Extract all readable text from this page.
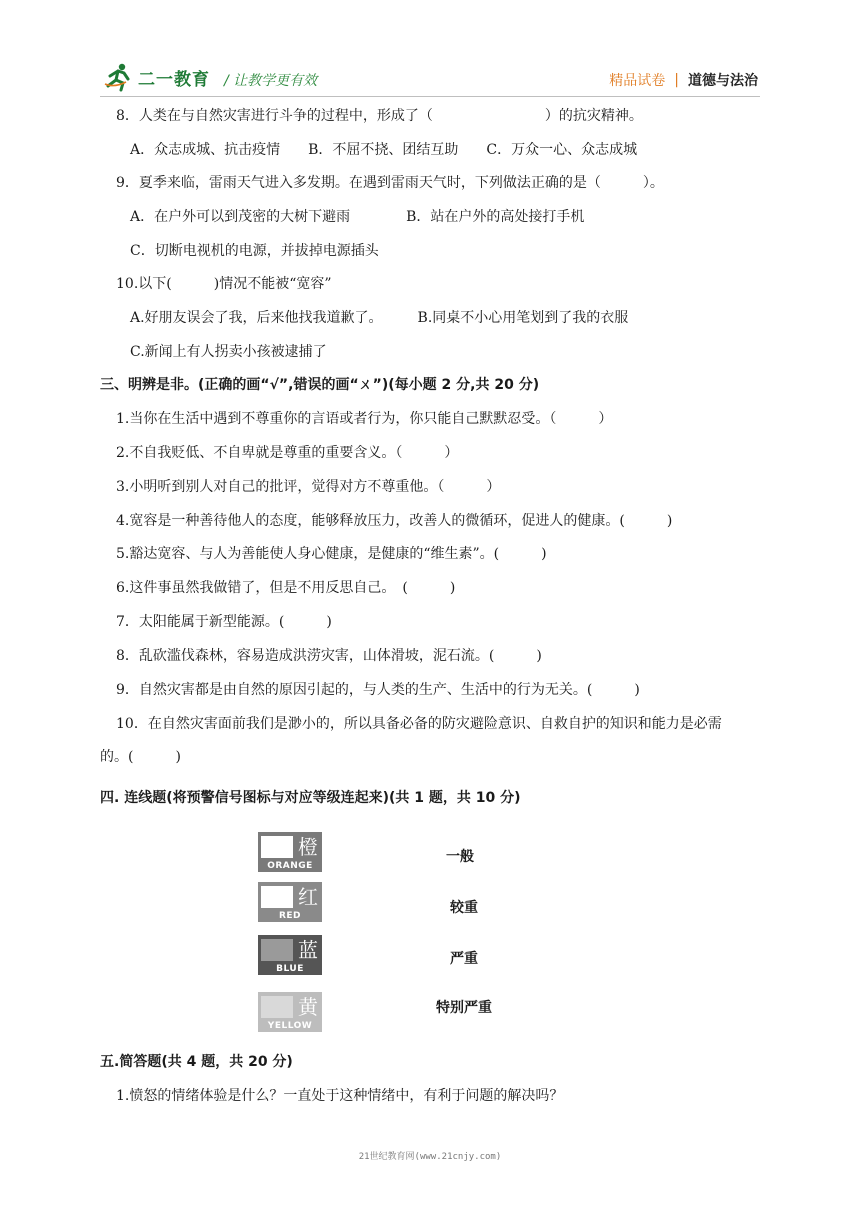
二一教育 / 让教学更有效	精品试卷 | 道德与法治
8．人类在与自然灾害进行斗争的过程中，形成了（　　　　　　　　）的抗灾精神。
A．众志成城、抗击疫情　　B．不屈不挠、团结互助　　C．万众一心、众志成城
9．夏季来临，雷雨天气进入多发期。在遇到雷雨天气时，下列做法正确的是（　　　）。
A．在户外可以到茂密的大树下避雨　　　　B．站在户外的高处接打手机
C．切断电视机的电源，并拔掉电源插头
10.以下(　　　)情况不能被“宽容”
A.好朋友误会了我，后来他找我道歉了。　　　B.同桌不小心用笔划到了我的衣服
C.新闻上有人拐卖小孩被逮捕了
三、明辨是非。(正确的画“√”,错误的画“ㄨ”)(每小题 2 分,共 20 分)
1.当你在生活中遇到不尊重你的言语或者行为，你只能自己默默忍受。（　　　）
2.不自我贬低、不自卑就是尊重的重要含义。（　　　）
3.小明听到别人对自己的批评，觉得对方不尊重他。（　　　）
4.宽容是一种善待他人的态度，能够释放压力，改善人的微循环，促进人的健康。(　　　)
5.豁达宽容、与人为善能使人身心健康，是健康的“维生素”。(　　　)
6.这件事虽然我做错了，但是不用反思自己。　(　　　)
7．太阳能属于新型能源。(　　　)
8．乱砍滥伐森林，容易造成洪涝灾害，山体滑坡，泥石流。(　　　)
9．自然灾害都是由自然的原因引起的，与人类的生产、生活中的行为无关。(　　　)
10．在自然灾害面前我们是渺小的，所以具备必备的防灾避险意识、自救自护的知识和能力是必需
的。(　　　)
四. 连线题(将预警信号图标与对应等级连起来)(共 1 题，共 10 分)
橙
ORANGE
红
RED
蓝
BLUE
黄
YELLOW
一般
较重
严重
特别严重
五.简答题(共 4 题，共 20 分)
1.愤怒的情绪体验是什么？一直处于这种情绪中，有利于问题的解决吗？
21世纪教育网(www.21cnjy.com)
